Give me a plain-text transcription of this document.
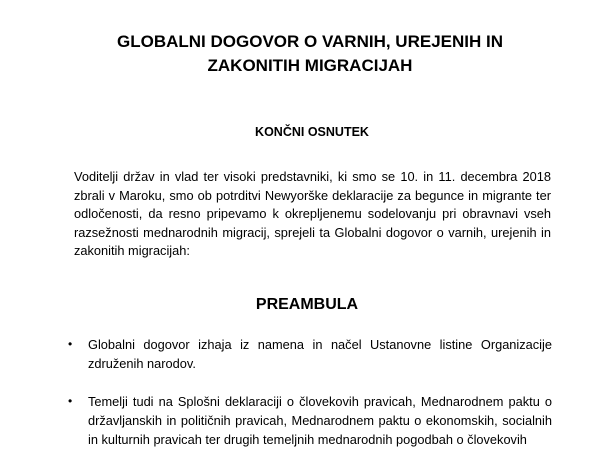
GLOBALNI DOGOVOR O VARNIH, UREJENIH IN
ZAKONITIH MIGRACIJAH

KONČNI OSNUTEK

Voditelji držav in vlad ter visoki predstavniki, ki smo se 10. in 11. decembra 2018 zbrali v Maroku, smo ob potrditvi Newyorške deklaracije za begunce in migrante ter odločenosti, da resno pripevamo k okrepljenemu sodelovanju pri obravnavi vseh razsežnosti mednarodnih migracij, sprejeli ta Globalni dogovor o varnih, urejenih in zakonitih migracijah:

PREAMBULA
• Globalni dogovor izhaja iz namena in načel Ustanovne listine Organizacije združenih narodov.
• Temelji tudi na Splošni deklaraciji o človekovih pravicah, Mednarodnem paktu o državljanskih in političnih pravicah, Mednarodnem paktu o ekonomskih, socialnih in kulturnih pravicah ter drugih temeljnih mednarodnih pogodbah o človekovih
